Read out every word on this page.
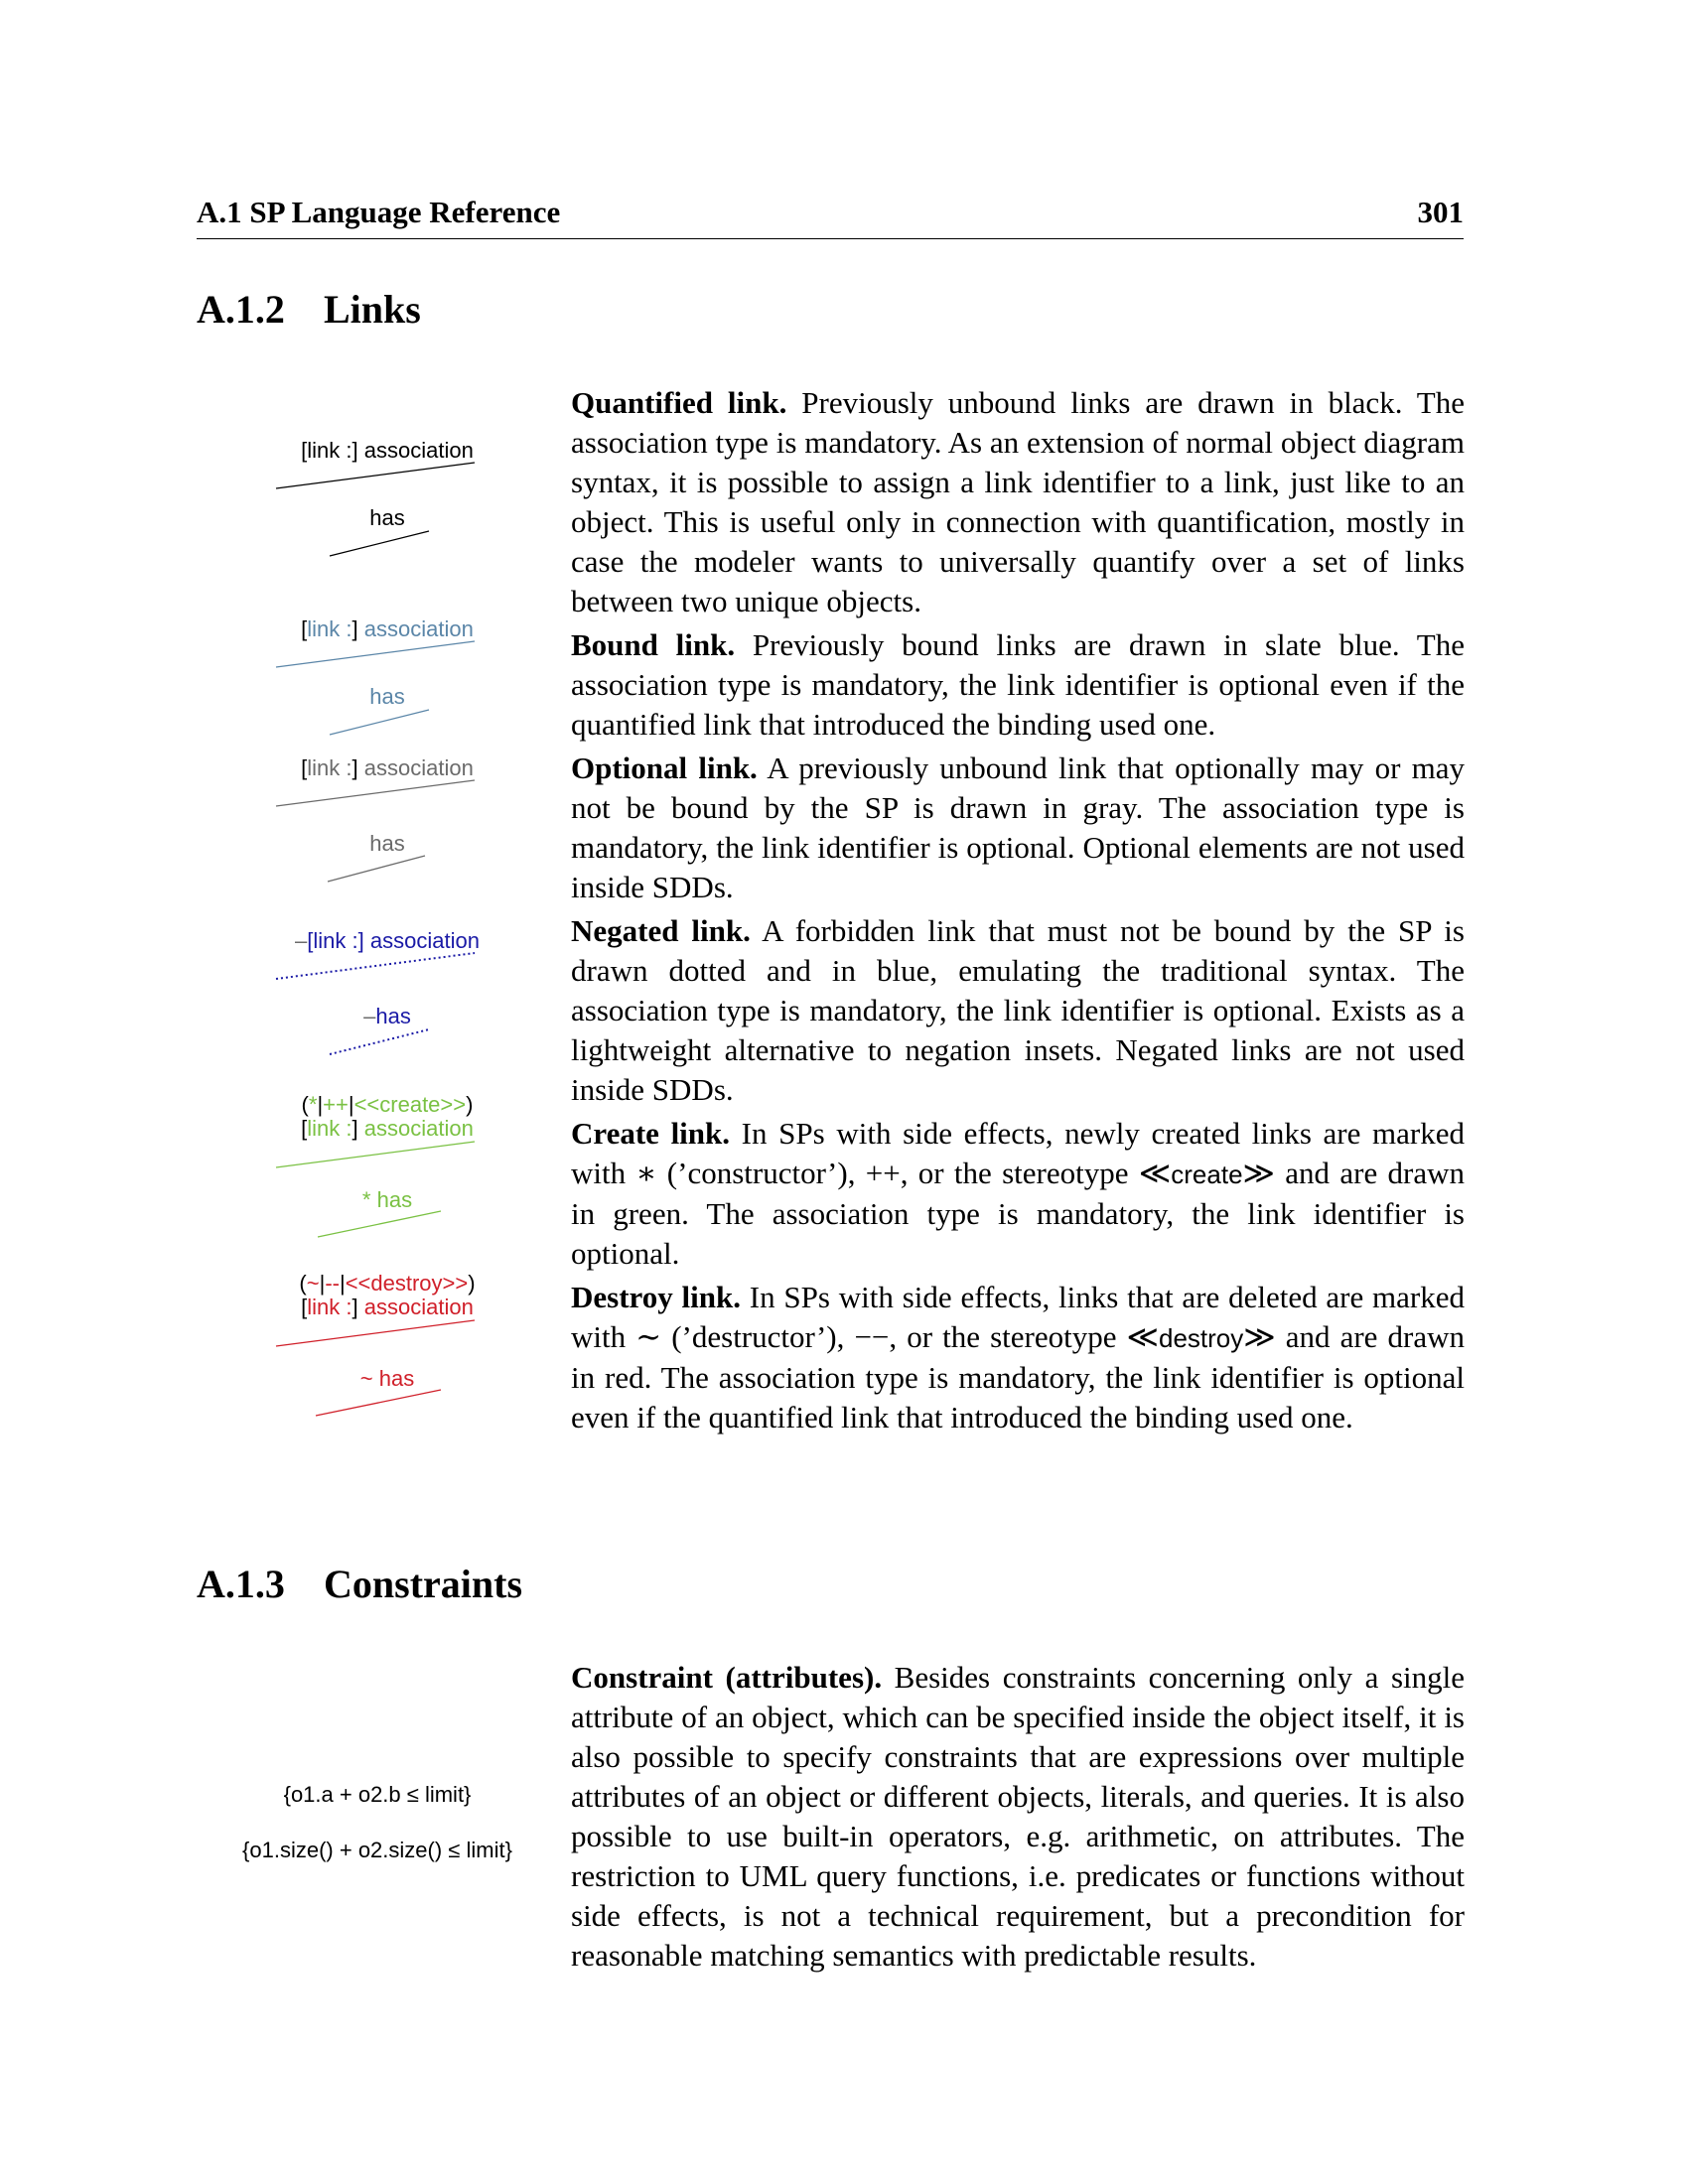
A.1 SP Language Reference	301
A.1.2 Links
[link :] association
has
[link :] association
has
[link :] association
has
–[link :] association
–has
(*|++|<<create>>)
[link :] association
* has
(~|--|<<destroy>>)
[link :] association
~ has

Quantified link. Previously unbound links are drawn in black. The association type is mandatory. As an extension of normal object diagram syntax, it is possible to assign a link identifier to a link, just like to an object. This is useful only in connection with quantification, mostly in case the modeler wants to universally quantify over a set of links between two unique objects.

Bound link. Previously bound links are drawn in slate blue. The association type is mandatory, the link identifier is optional even if the quantified link that introduced the binding used one.

Optional link. A previously unbound link that optionally may or may not be bound by the SP is drawn in gray. The association type is mandatory, the link identifier is optional. Optional elements are not used inside SDDs.

Negated link. A forbidden link that must not be bound by the SP is drawn dotted and in blue, emulating the traditional syntax. The association type is mandatory, the link identifier is optional. Exists as a lightweight alternative to negation insets. Negated links are not used inside SDDs.

Create link. In SPs with side effects, newly created links are marked with ∗ (’constructor’), ++, or the stereotype ≪create≫ and are drawn in green. The association type is mandatory, the link identifier is optional.

Destroy link. In SPs with side effects, links that are deleted are marked with ∼ (’destructor’), −−, or the stereotype ≪destroy≫ and are drawn in red. The association type is mandatory, the link identifier is optional even if the quantified link that introduced the binding used one.

A.1.3 Constraints
{o1.a + o2.b ≤ limit}
{o1.size() + o2.size() ≤ limit}

Constraint (attributes). Besides constraints concerning only a single attribute of an object, which can be specified inside the object itself, it is also possible to specify constraints that are expressions over multiple attributes of an object or different objects, literals, and queries. It is also possible to use built-in operators, e.g. arithmetic, on attributes. The restriction to UML query functions, i.e. predicates or functions without side effects, is not a technical requirement, but a precondition for reasonable matching semantics with predictable results.
